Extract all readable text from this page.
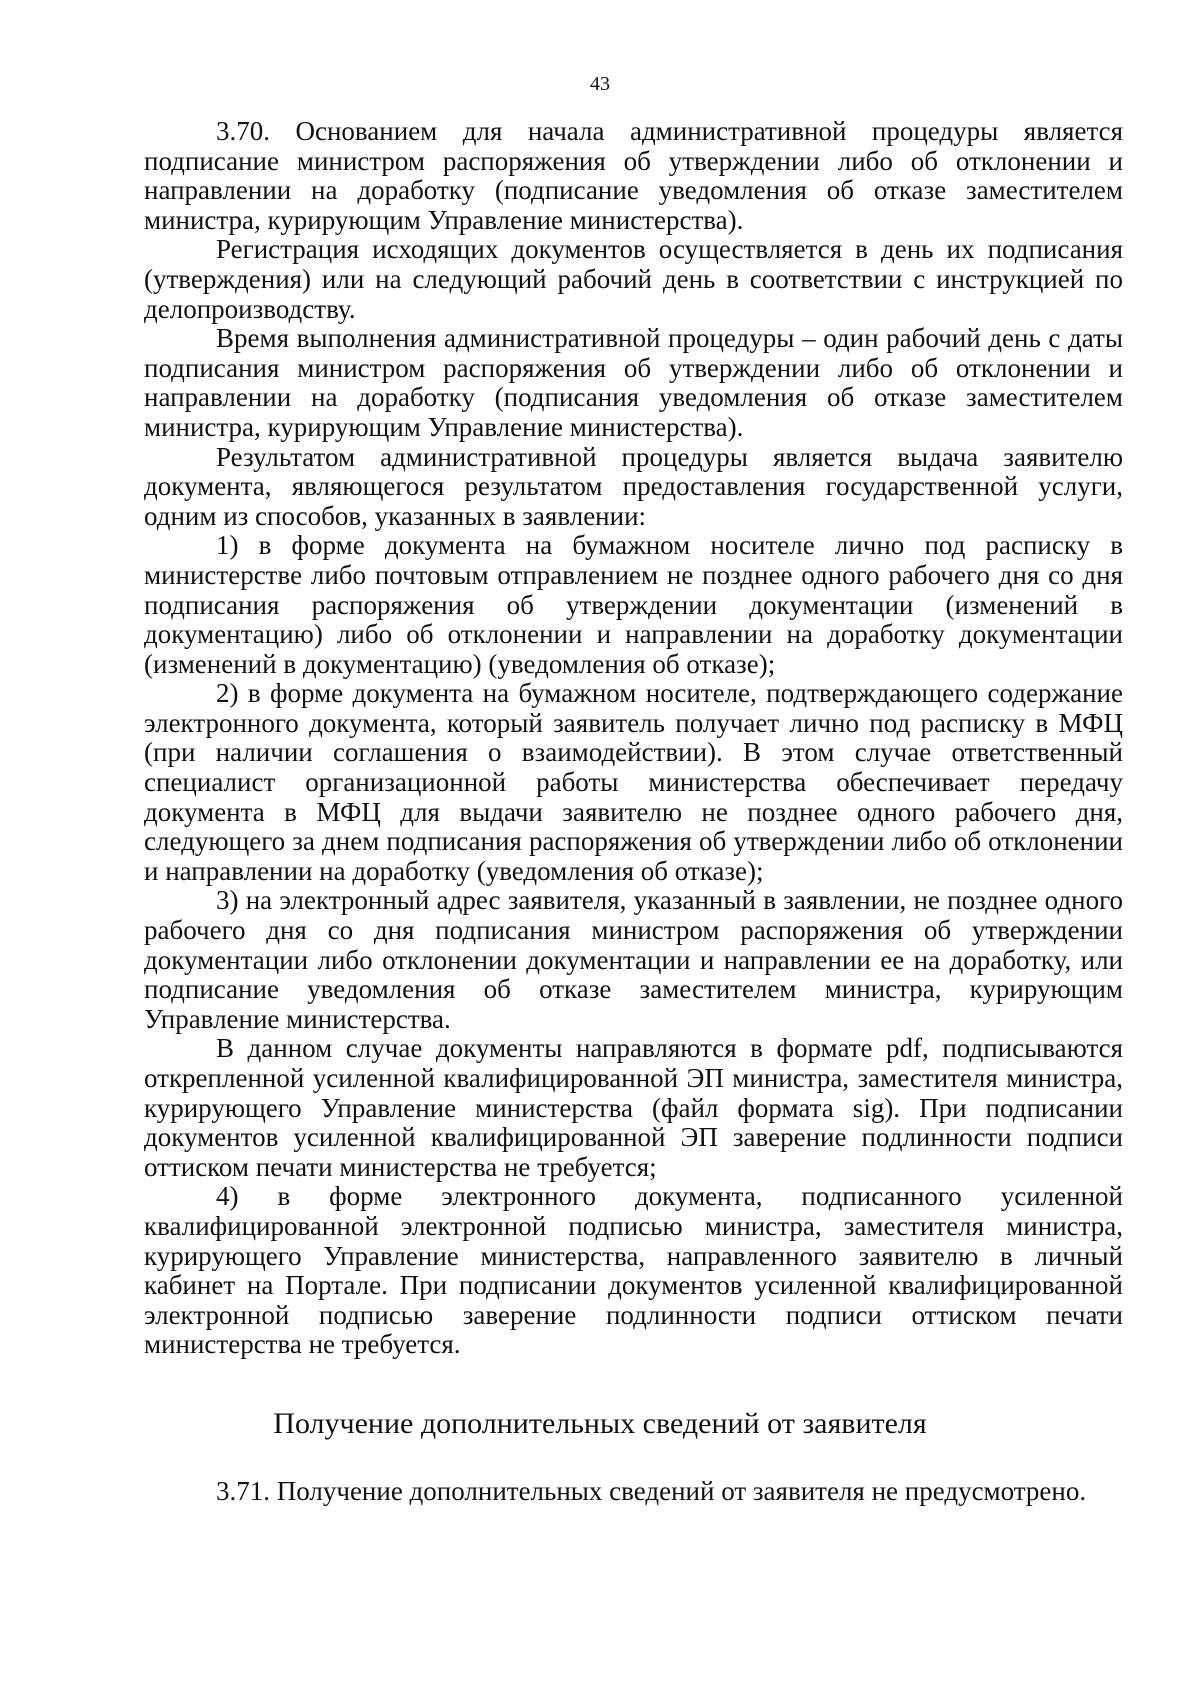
43

3.70. Основанием для начала административной процедуры является подписание министром распоряжения об утверждении либо об отклонении и направлении на доработку (подписание уведомления об отказе заместителем министра, курирующим Управление министерства).

Регистрация исходящих документов осуществляется в день их подписания (утверждения) или на следующий рабочий день в соответствии с инструкцией по делопроизводству.

Время выполнения административной процедуры – один рабочий день с даты подписания министром распоряжения об утверждении либо об отклонении и направлении на доработку (подписания уведомления об отказе заместителем министра, курирующим Управление министерства).

Результатом административной процедуры является выдача заявителю документа, являющегося результатом предоставления государственной услуги, одним из способов, указанных в заявлении:

1) в форме документа на бумажном носителе лично под расписку в министерстве либо почтовым отправлением не позднее одного рабочего дня со дня подписания распоряжения об утверждении документации (изменений в документацию) либо об отклонении и направлении на доработку документации (изменений в документацию) (уведомления об отказе);

2) в форме документа на бумажном носителе, подтверждающего содержание электронного документа, который заявитель получает лично под расписку в МФЦ (при наличии соглашения о взаимодействии). В этом случае ответственный специалист организационной работы министерства обеспечивает передачу документа в МФЦ для выдачи заявителю не позднее одного рабочего дня, следующего за днем подписания распоряжения об утверждении либо об отклонении и направлении на доработку (уведомления об отказе);

3) на электронный адрес заявителя, указанный в заявлении, не позднее одного рабочего дня со дня подписания министром распоряжения об утверждении документации либо отклонении документации и направлении ее на доработку, или подписание уведомления об отказе заместителем министра, курирующим Управление министерства.

В данном случае документы направляются в формате pdf, подписываются открепленной усиленной квалифицированной ЭП министра, заместителя министра, курирующего Управление министерства (файл формата sig). При подписании документов усиленной квалифицированной ЭП заверение подлинности подписи оттиском печати министерства не требуется;

4) в форме электронного документа, подписанного усиленной квалифицированной электронной подписью министра, заместителя министра, курирующего Управление министерства, направленного заявителю в личный кабинет на Портале. При подписании документов усиленной квалифицированной электронной подписью заверение подлинности подписи оттиском печати министерства не требуется.

Получение дополнительных сведений от заявителя

3.71. Получение дополнительных сведений от заявителя не предусмотрено.
